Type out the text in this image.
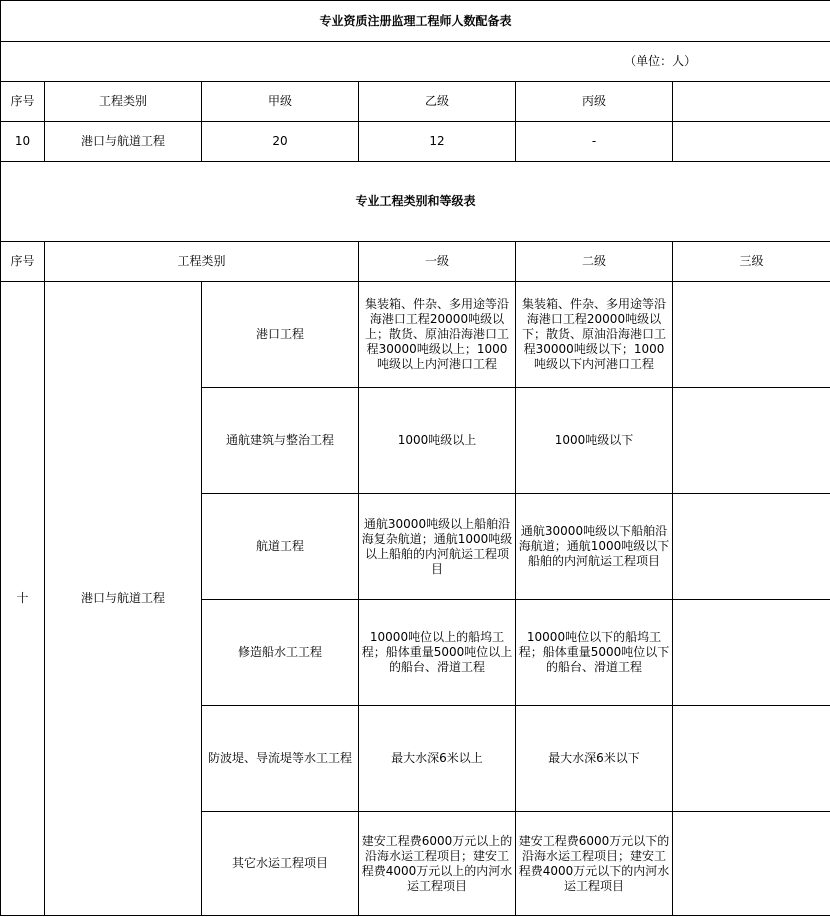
专业资质注册监理工程师人数配备表					
（单位：人）					
序号	工程类别	甲级	乙级	丙级	
10	港口与航道工程	20	12	-	
专业工程类别和等级表					
序号	工程类别		一级	二级	三级
十	港口与航道工程	港口工程	集装箱、件杂、多用途等沿海港口工程20000吨级以上；散货、原油沿海港口工程30000吨级以上；1000吨级以上内河港口工程	集装箱、件杂、多用途等沿海港口工程20000吨级以下；散货、原油沿海港口工程30000吨级以下；1000吨级以下内河港口工程	
		通航建筑与整治工程	1000吨级以上	1000吨级以下	
		航道工程	通航30000吨级以上船舶沿海复杂航道；通航1000吨级以上船舶的内河航运工程项目	通航30000吨级以下船舶沿海航道；通航1000吨级以下船舶的内河航运工程项目	
		修造船水工工程	10000吨位以上的船坞工程；船体重量5000吨位以上的船台、滑道工程	10000吨位以下的船坞工程；船体重量5000吨位以下的船台、滑道工程	
		防波堤、导流堤等水工工程	最大水深6米以上	最大水深6米以下	
		其它水运工程项目	建安工程费6000万元以上的沿海水运工程项目；建安工程费4000万元以上的内河水运工程项目	建安工程费6000万元以下的沿海水运工程项目；建安工程费4000万元以下的内河水运工程项目	
